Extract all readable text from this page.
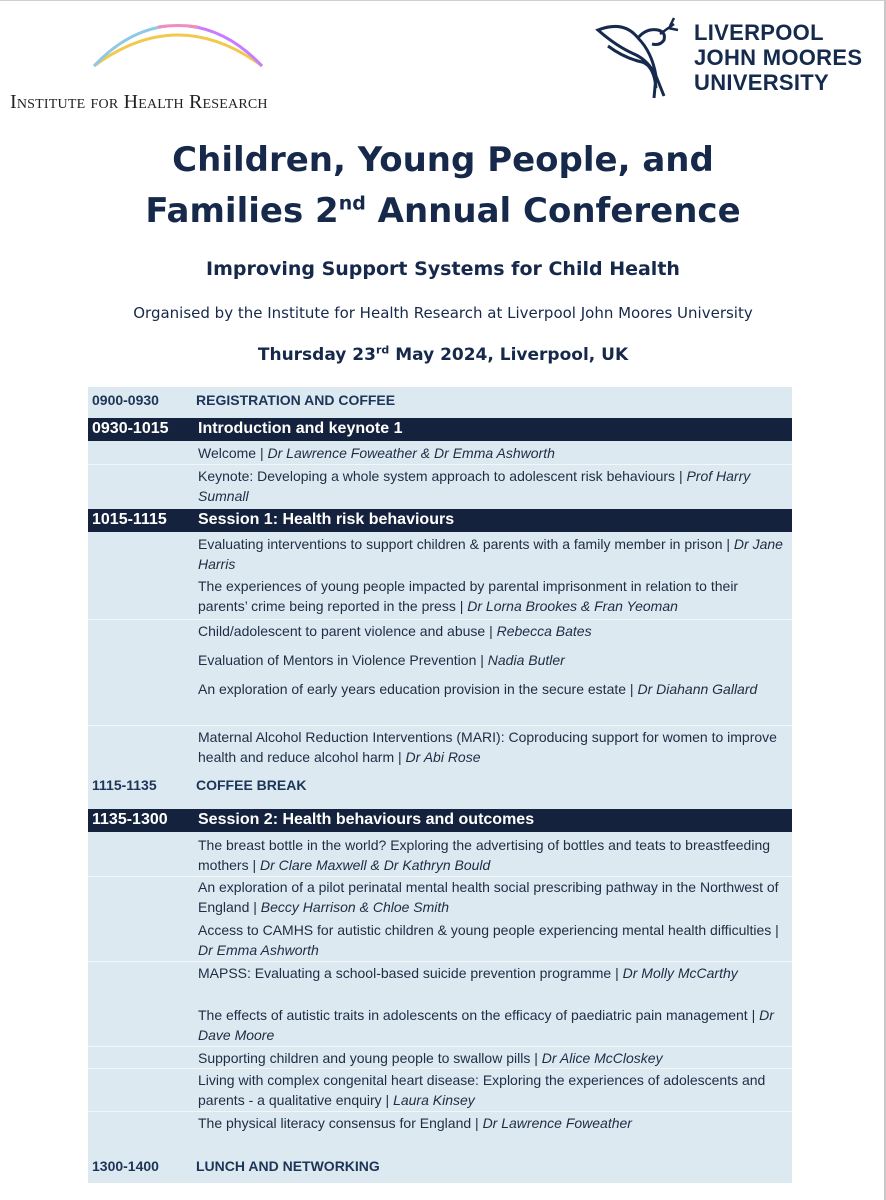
Institute for Health Research
LIVERPOOL
JOHN MOORES
UNIVERSITY
Children, Young People, and
Families 2nd Annual Conference
Improving Support Systems for Child Health
Organised by the Institute for Health Research at Liverpool John Moores University
Thursday 23rd May 2024, Liverpool, UK
0900-0930	REGISTRATION AND COFFEE
0930-1015 Introduction and keynote 1
Welcome | Dr Lawrence Foweather & Dr Emma Ashworth
Keynote: Developing a whole system approach to adolescent risk behaviours | Prof Harry Sumnall
1015-1115 Session 1: Health risk behaviours
Evaluating interventions to support children & parents with a family member in prison | Dr Jane Harris
The experiences of young people impacted by parental imprisonment in relation to their parents’ crime being reported in the press | Dr Lorna Brookes & Fran Yeoman
Child/adolescent to parent violence and abuse | Rebecca Bates
Evaluation of Mentors in Violence Prevention | Nadia Butler
An exploration of early years education provision in the secure estate | Dr Diahann Gallard
Maternal Alcohol Reduction Interventions (MARI): Coproducing support for women to improve health and reduce alcohol harm | Dr Abi Rose
1115-1135	COFFEE BREAK
1135-1300 Session 2: Health behaviours and outcomes
The breast bottle in the world? Exploring the advertising of bottles and teats to breastfeeding mothers | Dr Clare Maxwell & Dr Kathryn Bould
An exploration of a pilot perinatal mental health social prescribing pathway in the Northwest of England | Beccy Harrison & Chloe Smith
Access to CAMHS for autistic children & young people experiencing mental health difficulties | Dr Emma Ashworth
MAPSS: Evaluating a school-based suicide prevention programme | Dr Molly McCarthy
The effects of autistic traits in adolescents on the efficacy of paediatric pain management | Dr Dave Moore
Supporting children and young people to swallow pills | Dr Alice McCloskey
Living with complex congenital heart disease: Exploring the experiences of adolescents and parents - a qualitative enquiry | Laura Kinsey
The physical literacy consensus for England | Dr Lawrence Foweather
1300-1400	LUNCH AND NETWORKING
